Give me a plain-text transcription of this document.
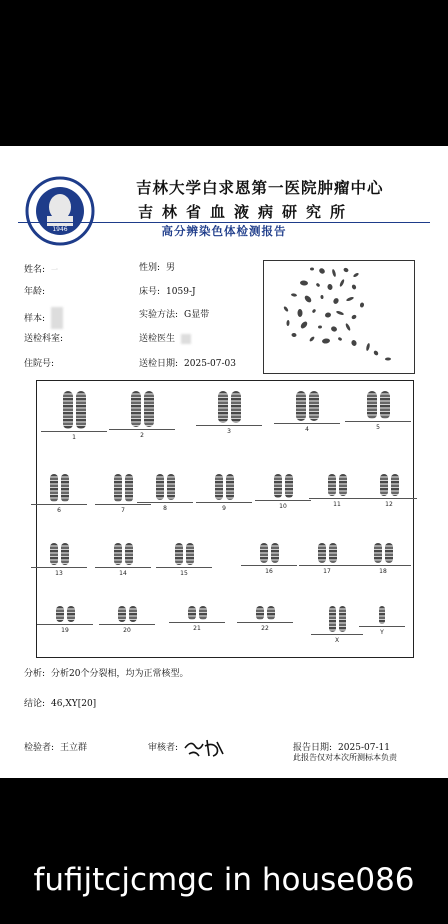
1946
吉林大学白求恩第一医院肿瘤中心
吉林省血液病研究所
高分辨染色体检测报告
姓名: 一	性别: 男
年龄:	床号: 1059-J
样本:	实验方法: G显带
送检科室:	送检医生
住院号:	送检日期: 2025-07-03
1	2
3	4	5
6	7	8	9	10	11	12
13	14	15	16	17	18
19	20	21	22
X
Y
分析: 分析20个分裂相，均为正常核型。
结论: 46,XY[20]
检验者: 王立群	审核者:	报告日期: 2025-07-11
此报告仅对本次所测标本负责
fufijtcjcmgc in house086
